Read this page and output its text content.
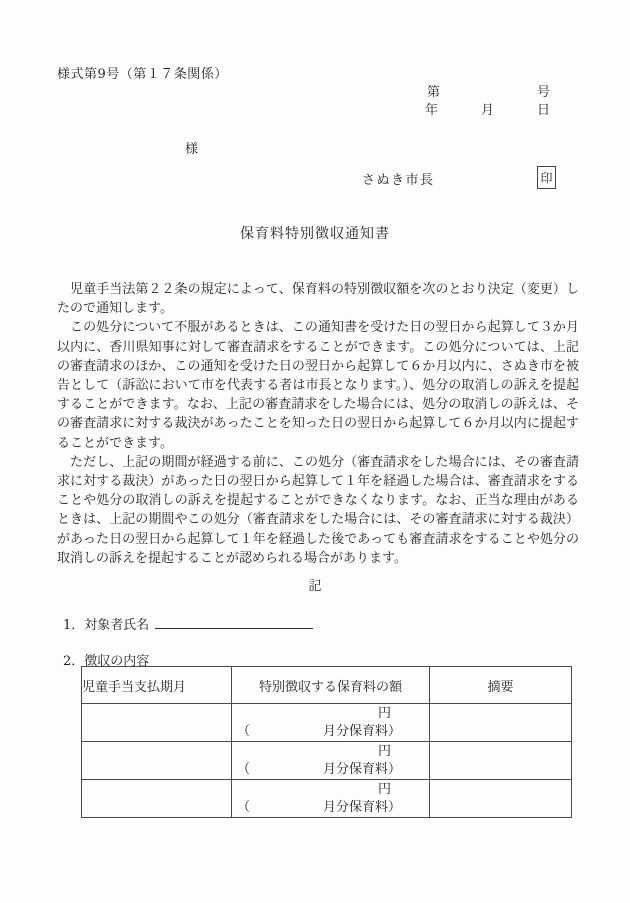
様式第9号（第１７条関係）
第	号
年	月	日
様
さぬき市長	印
保育料特別徴収通知書

　児童手当法第２２条の規定によって、保育料の特別徴収額を次のとおり決定（変更）したので通知します。

　この処分について不服があるときは、この通知書を受けた日の翌日から起算して３か月以内に、香川県知事に対して審査請求をすることができます。この処分については、上記の審査請求のほか、この通知を受けた日の翌日から起算して６か月以内に、さぬき市を被告として（訴訟において市を代表する者は市長となります。）、処分の取消しの訴えを提起することができます。なお、上記の審査請求をした場合には、処分の取消しの訴えは、その審査請求に対する裁決があったことを知った日の翌日から起算して６か月以内に提起することができます。

　ただし、上記の期間が経過する前に、この処分（審査請求をした場合には、その審査請求に対する裁決）があった日の翌日から起算して１年を経過した場合は、審査請求をすることや処分の取消しの訴えを提起することができなくなります。なお、正当な理由があるときは、上記の期間やこの処分（審査請求をした場合には、その審査請求に対する裁決）があった日の翌日から起算して１年を経過した後であっても審査請求をすることや処分の取消しの訴えを提起することが認められる場合があります。

記
1．対象者氏名
2．徴収の内容
児童手当支払期月	特別徴収する保育料の額	摘要

	円
（ 月分保育料）	

	円
（ 月分保育料）	

	円
（ 月分保育料）	
